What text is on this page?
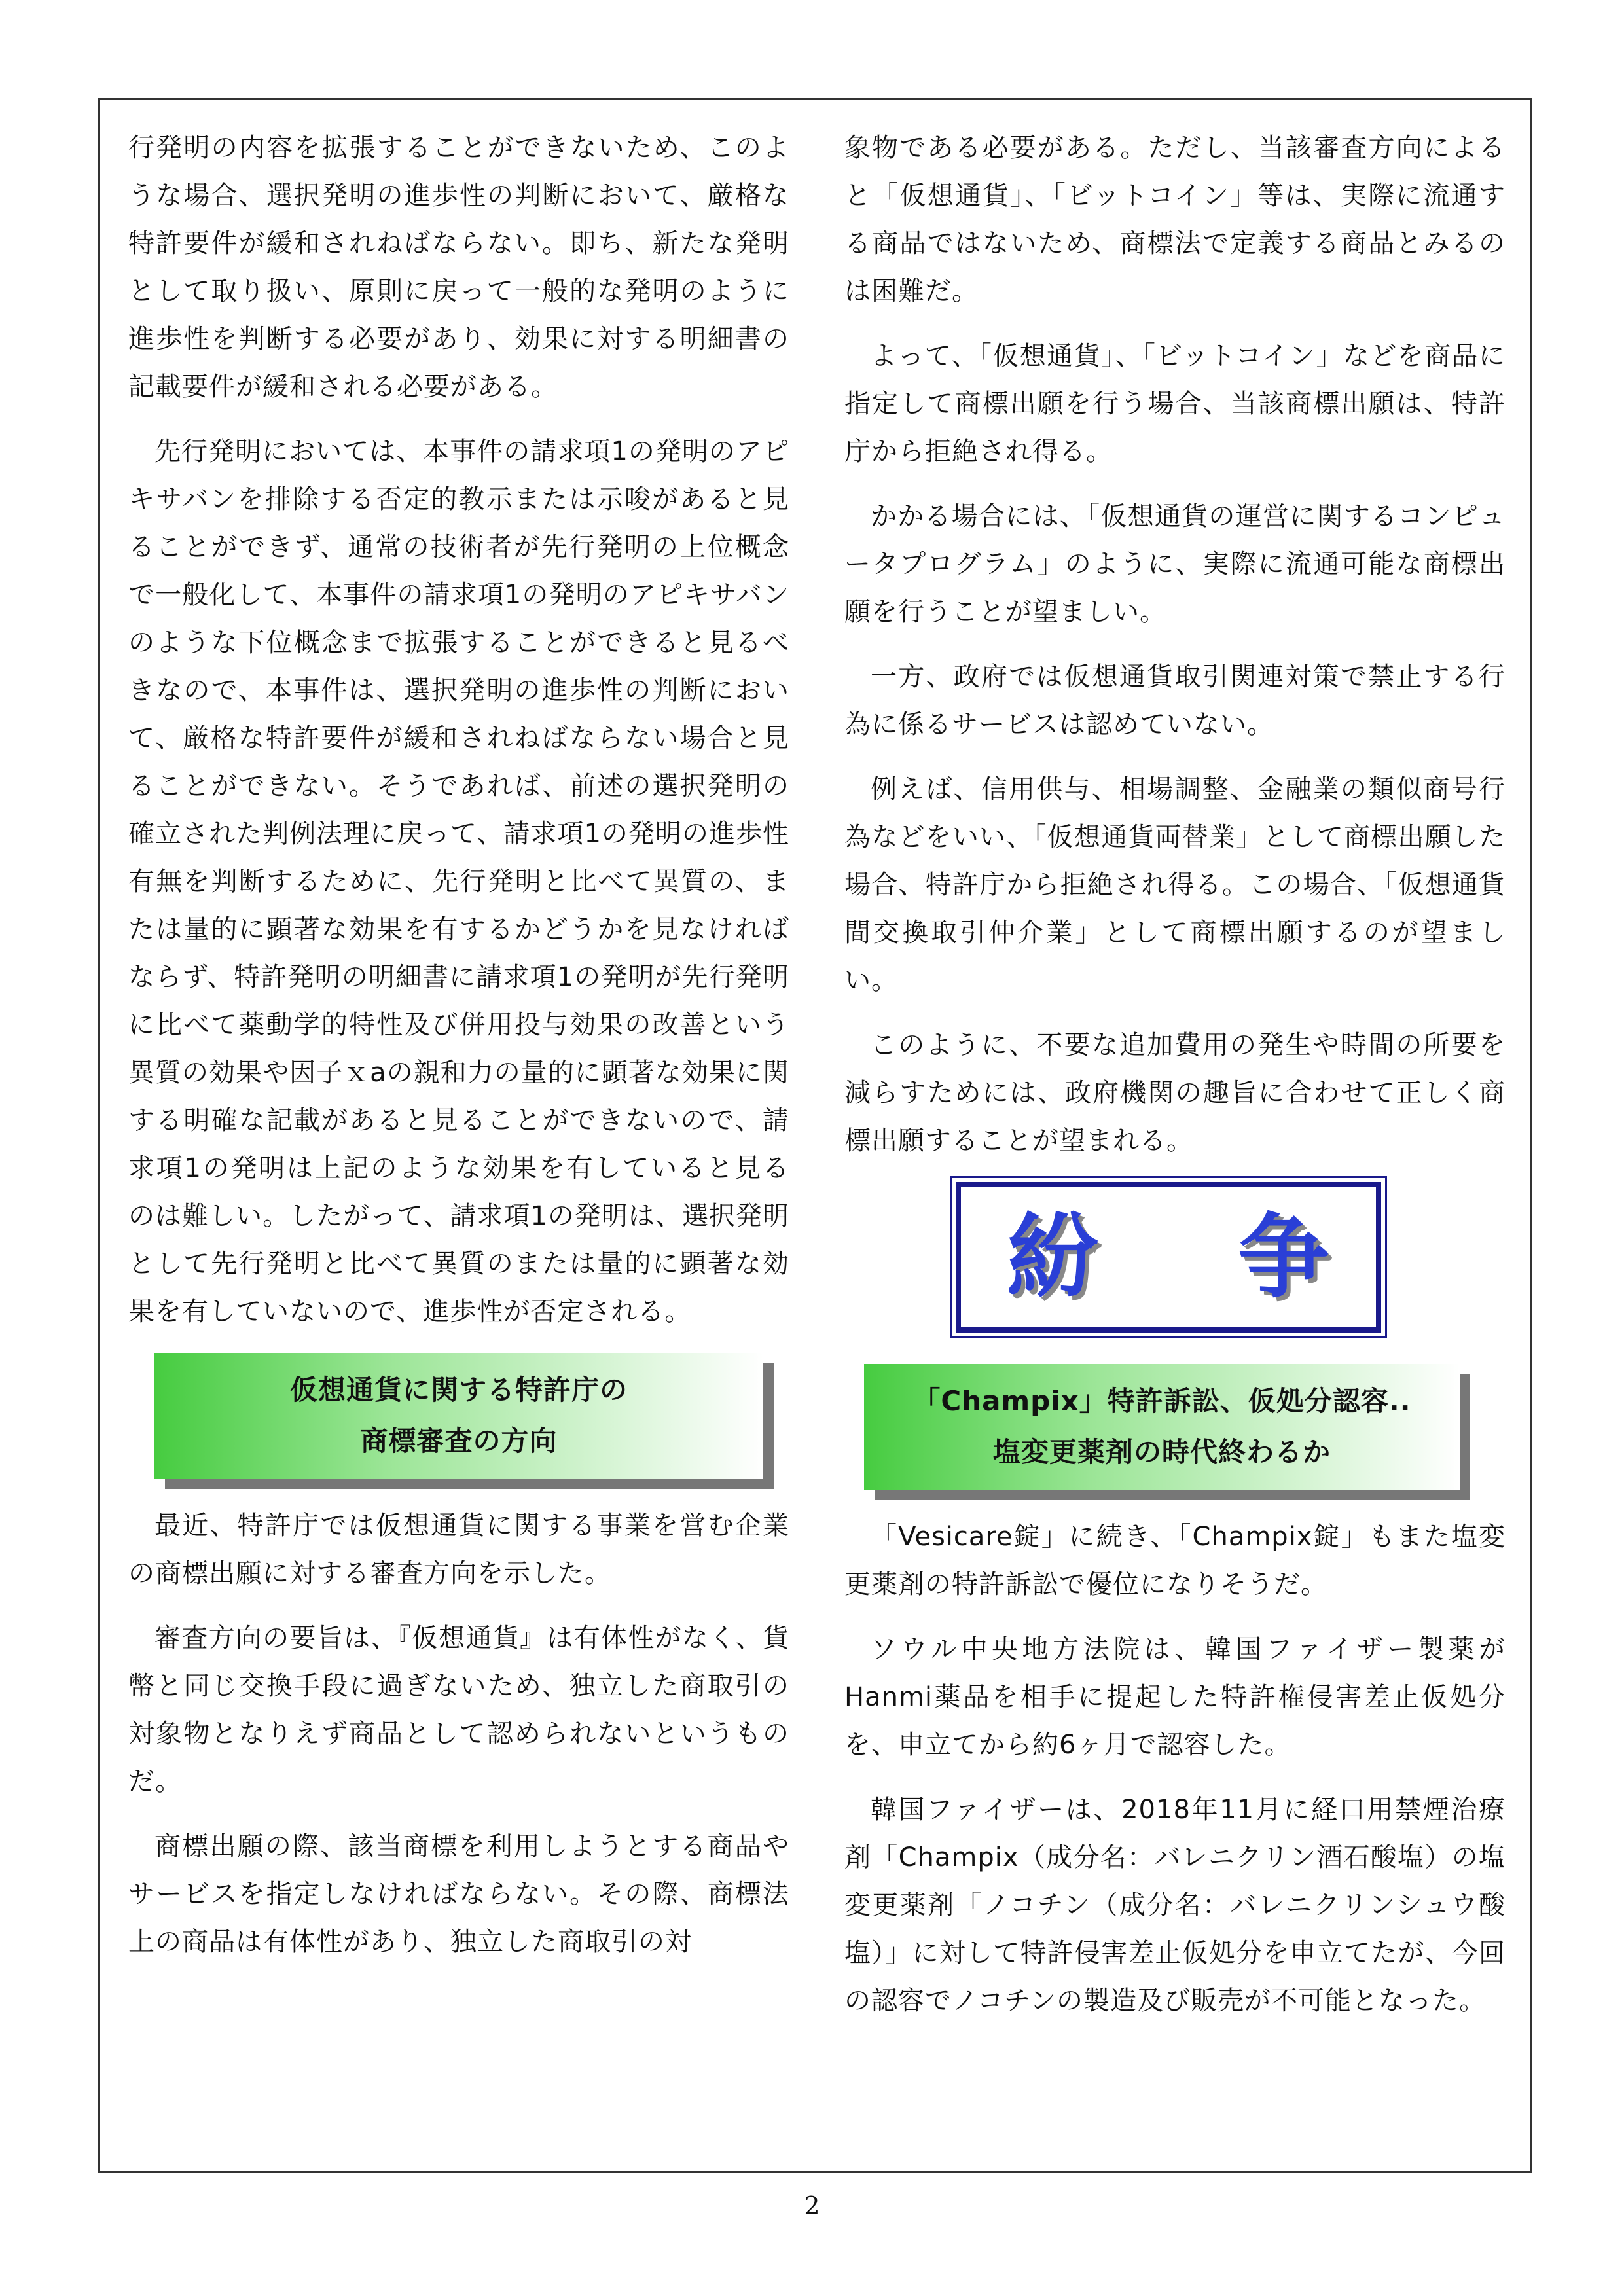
行発明の内容を拡張することができないため、このような場合、選択発明の進歩性の判断において、厳格な特許要件が緩和されねばならない。即ち、新たな発明として取り扱い、原則に戻って一般的な発明のように進歩性を判断する必要があり、効果に対する明細書の記載要件が緩和される必要がある。

先行発明においては、本事件の請求項1の発明のアピキサバンを排除する否定的教示または示唆があると見ることができず、通常の技術者が先行発明の上位概念で一般化して、本事件の請求項1の発明のアピキサバンのような下位概念まで拡張することができると見るべきなので、本事件は、選択発明の進歩性の判断において、厳格な特許要件が緩和されねばならない場合と見ることができない。そうであれば、前述の選択発明の確立された判例法理に戻って、請求項1の発明の進歩性有無を判断するために、先行発明と比べて異質の、または量的に顕著な効果を有するかどうかを見なければならず、特許発明の明細書に請求項1の発明が先行発明に比べて薬動学的特性及び併用投与効果の改善という異質の効果や因子ｘaの親和力の量的に顕著な効果に関する明確な記載があると見ることができないので、請求項1の発明は上記のような効果を有していると見るのは難しい。したがって、請求項1の発明は、選択発明として先行発明と比べて異質のまたは量的に顕著な効果を有していないので、進歩性が否定される。

仮想通貨に関する特許庁の
商標審査の方向

最近、特許庁では仮想通貨に関する事業を営む企業の商標出願に対する審査方向を示した。

審査方向の要旨は、『仮想通貨』は有体性がなく、貨幣と同じ交換手段に過ぎないため、独立した商取引の対象物となりえず商品として認められないというものだ。

商標出願の際、該当商標を利用しようとする商品やサービスを指定しなければならない。その際、商標法上の商品は有体性があり、独立した商取引の対

象物である必要がある。ただし、当該審査方向によると「仮想通貨」、「ビットコイン」等は、実際に流通する商品ではないため、商標法で定義する商品とみるのは困難だ。

よって、「仮想通貨」、「ビットコイン」などを商品に指定して商標出願を行う場合、当該商標出願は、特許庁から拒絶され得る。

かかる場合には、「仮想通貨の運営に関するコンピュータプログラム」のように、実際に流通可能な商標出願を行うことが望ましい。

一方、政府では仮想通貨取引関連対策で禁止する行為に係るサービスは認めていない。

例えば、信用供与、相場調整、金融業の類似商号行為などをいい、「仮想通貨両替業」として商標出願した場合、特許庁から拒絶され得る。この場合、「仮想通貨間交換取引仲介業」として商標出願するのが望ましい。

このように、不要な追加費用の発生や時間の所要を減らすためには、政府機関の趣旨に合わせて正しく商標出願することが望まれる。

紛 争
「Champix」特許訴訟、仮処分認容..
塩変更薬剤の時代終わるか

「Vesicare錠」に続き、「Champix錠」もまた塩変更薬剤の特許訴訟で優位になりそうだ。

ソウル中央地方法院は、韓国ファイザー製薬がHanmi薬品を相手に提起した特許権侵害差止仮処分を、申立てから約6ヶ月で認容した。

韓国ファイザーは、2018年11月に経口用禁煙治療剤「Champix（成分名：バレニクリン酒石酸塩）の塩変更薬剤「ノコチン（成分名：バレニクリンシュウ酸塩）」に対して特許侵害差止仮処分を申立てたが、今回の認容でノコチンの製造及び販売が不可能となった。

2
